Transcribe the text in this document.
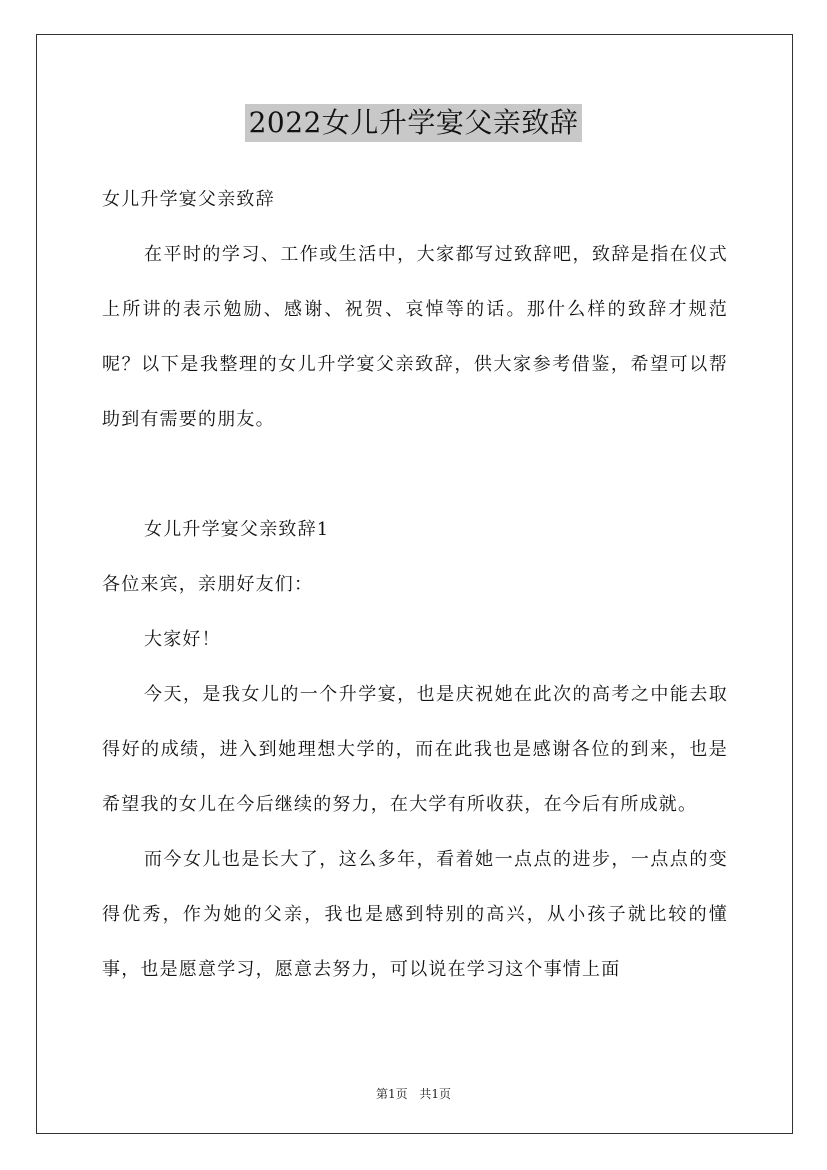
2022女儿升学宴父亲致辞

女儿升学宴父亲致辞

在平时的学习、工作或生活中，大家都写过致辞吧，致辞是指在仪式上所讲的表示勉励、感谢、祝贺、哀悼等的话。那什么样的致辞才规范呢？以下是我整理的女儿升学宴父亲致辞，供大家参考借鉴，希望可以帮助到有需要的朋友。

女儿升学宴父亲致辞1

各位来宾，亲朋好友们：

大家好！

今天，是我女儿的一个升学宴，也是庆祝她在此次的高考之中能去取得好的成绩，进入到她理想大学的，而在此我也是感谢各位的到来，也是希望我的女儿在今后继续的努力，在大学有所收获，在今后有所成就。

而今女儿也是长大了，这么多年，看着她一点点的进步，一点点的变得优秀，作为她的父亲，我也是感到特别的高兴，从小孩子就比较的懂事，也是愿意学习，愿意去努力，可以说在学习这个事情上面

第1页 共1页
